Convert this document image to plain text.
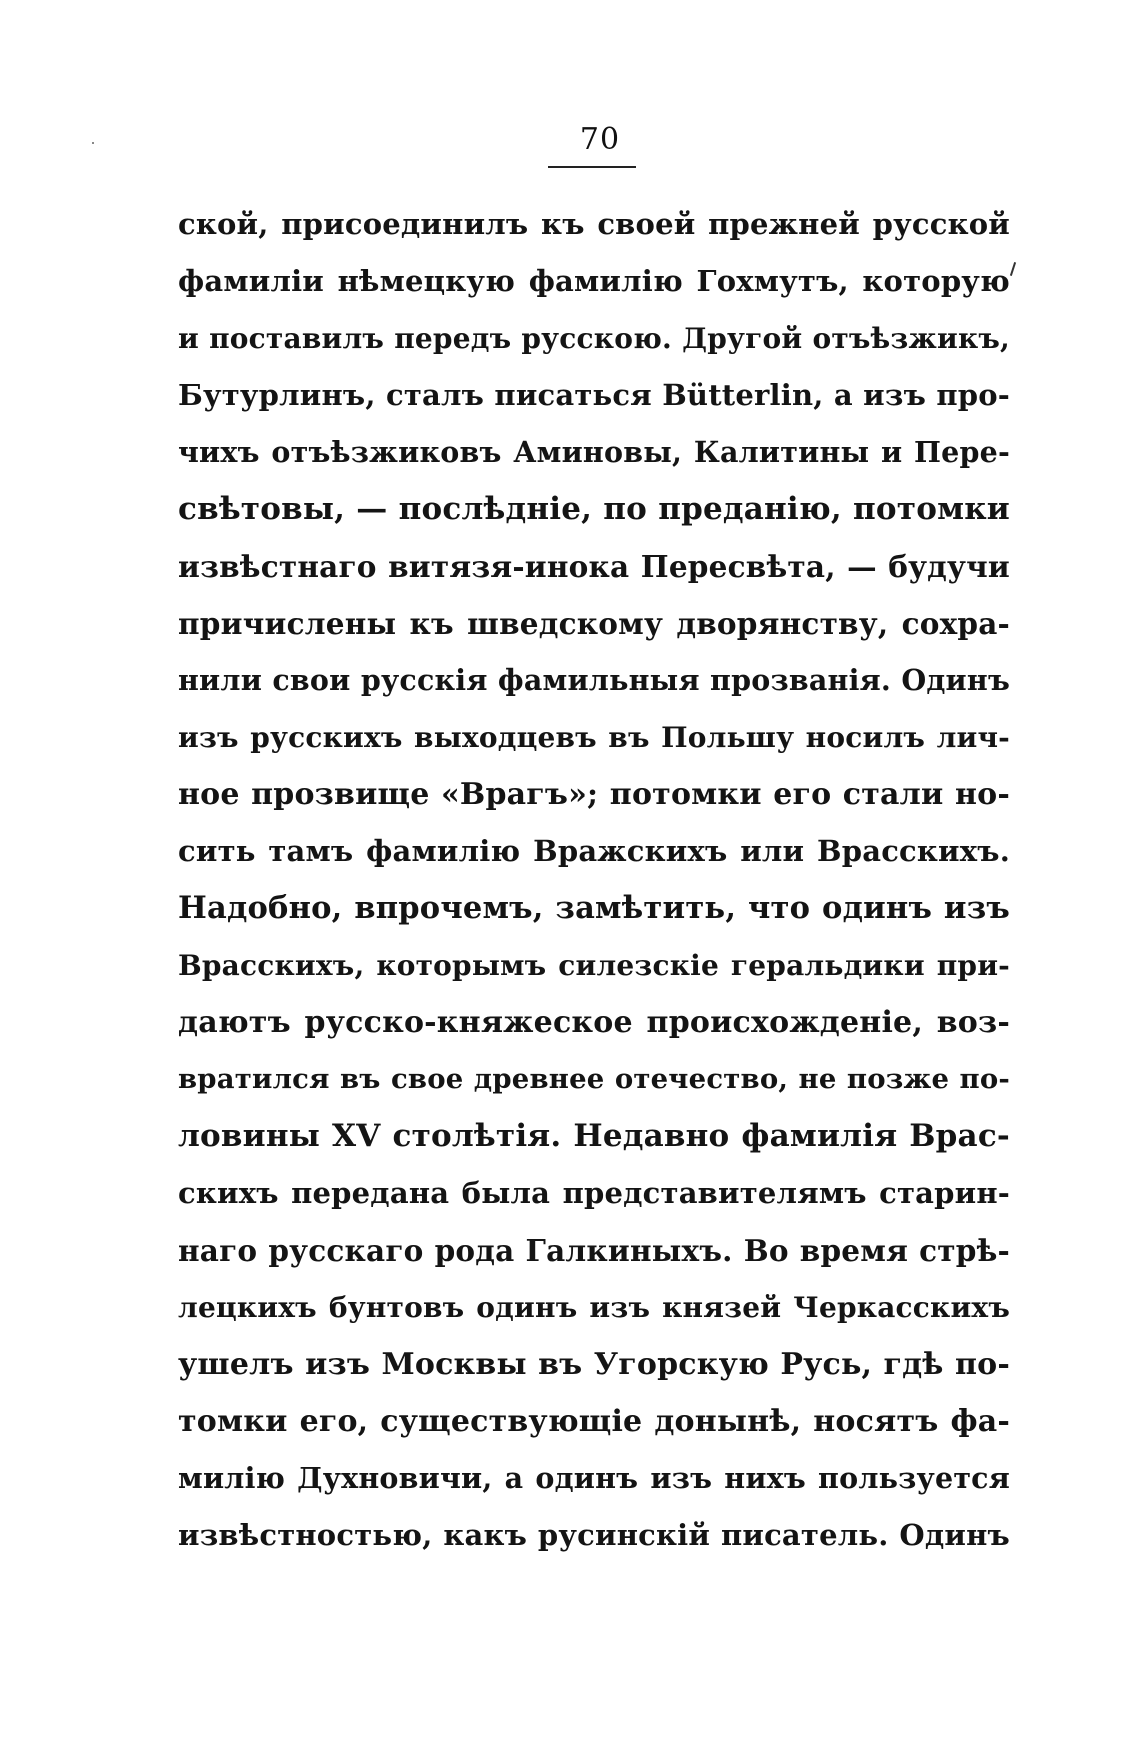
70
ской, присоединилъ къ своей прежней русской
фамиліи нѣмецкую фамилію Гохмутъ, которую
и поставилъ передъ русскою. Другой отъѣзжикъ,
Бутурлинъ, сталъ писаться Bütterlin, а изъ про-
чихъ отъѣзжиковъ Аминовы, Калитины и Пере-
свѣтовы, — послѣдніе, по преданію, потомки
извѣстнаго витязя-инока Пересвѣта, — будучи
причислены къ шведскому дворянству, сохра-
нили свои русскія фамильныя прозванія. Одинъ
изъ русскихъ выходцевъ въ Польшу носилъ лич-
ное прозвище «Врагъ»; потомки его стали но-
сить тамъ фамилію Вражскихъ или Врасскихъ.
Надобно, впрочемъ, замѣтить, что одинъ изъ
Врасскихъ, которымъ силезскіе геральдики при-
даютъ русско-княжеское происхожденіе, воз-
вратился въ свое древнее отечество, не позже по-
ловины XV столѣтія. Недавно фамилія Врас-
скихъ передана была представителямъ старин-
наго русскаго рода Галкиныхъ. Во время стрѣ-
лецкихъ бунтовъ одинъ изъ князей Черкасскихъ
ушелъ изъ Москвы въ Угорскую Русь, гдѣ по-
томки его, существующіе донынѣ, носятъ фа-
милію Духновичи, а одинъ изъ нихъ пользуется
извѣстностью, какъ русинскій писатель. Одинъ
